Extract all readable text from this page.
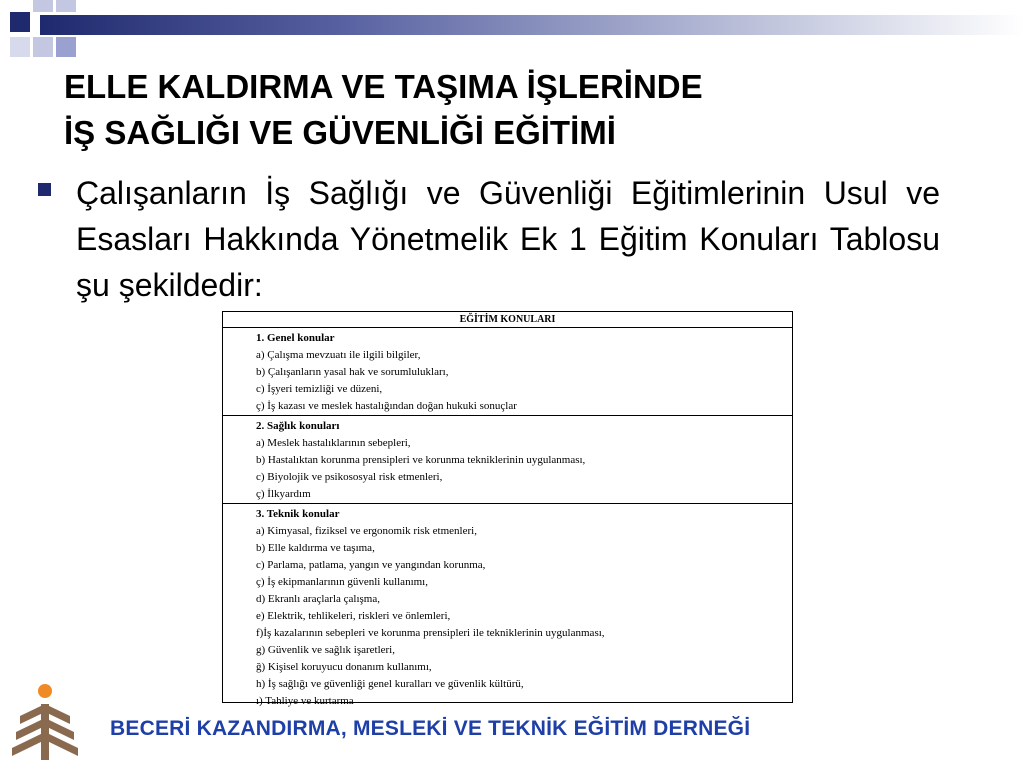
ELLE KALDIRMA VE TAŞIMA İŞLERİNDE
İŞ SAĞLIĞI VE GÜVENLİĞİ EĞİTİMİ

Çalışanların İş Sağlığı ve Güvenliği Eğitimlerinin Usul ve Esasları Hakkında Yönetmelik Ek 1 Eğitim Konuları Tablosu şu şekildedir:

EĞİTİM KONULARI
1. Genel konular
a) Çalışma mevzuatı ile ilgili bilgiler,
b) Çalışanların yasal hak ve sorumlulukları,
c) İşyeri temizliği ve düzeni,
ç) İş kazası ve meslek hastalığından doğan hukuki sonuçlar
2. Sağlık konuları
a) Meslek hastalıklarının sebepleri,
b) Hastalıktan korunma prensipleri ve korunma tekniklerinin uygulanması,
c) Biyolojik ve psikososyal risk etmenleri,
ç) İlkyardım
3. Teknik konular
a) Kimyasal, fiziksel ve ergonomik risk etmenleri,
b) Elle kaldırma ve taşıma,
c) Parlama, patlama, yangın ve yangından korunma,
ç) İş ekipmanlarının güvenli kullanımı,
d) Ekranlı araçlarla çalışma,
e) Elektrik, tehlikeleri, riskleri ve önlemleri,
f)İş kazalarının sebepleri ve korunma prensipleri ile tekniklerinin uygulanması,
g) Güvenlik ve sağlık işaretleri,
ğ) Kişisel koruyucu donanım kullanımı,
h) İş sağlığı ve güvenliği genel kuralları ve güvenlik kültürü,
ı) Tahliye ve kurtarma

BECERİ KAZANDIRMA, MESLEKİ VE TEKNİK EĞİTİM DERNEĞİ
